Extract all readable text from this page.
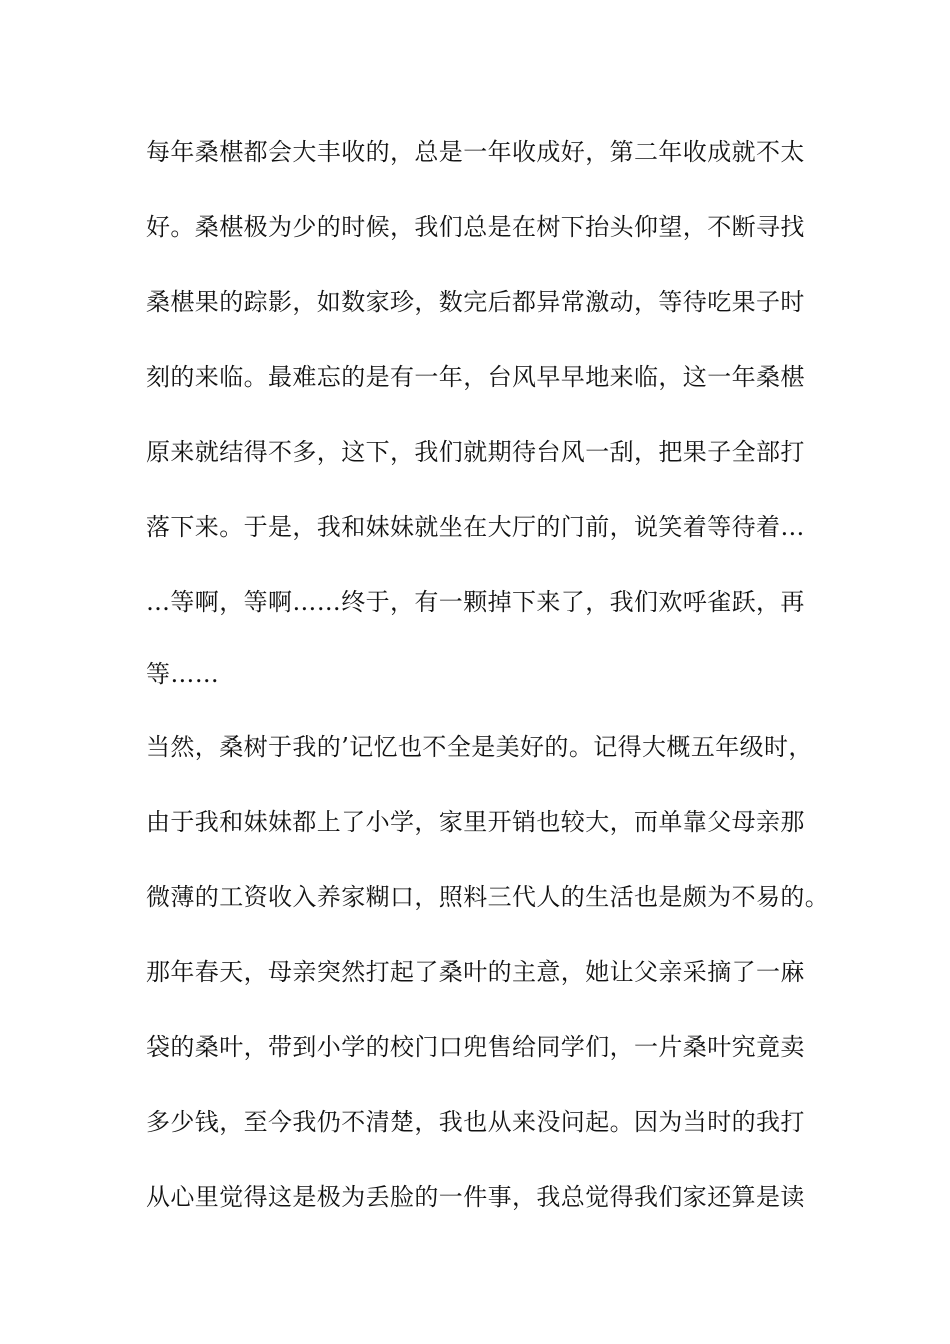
每年桑椹都会大丰收的，总是一年收成好，第二年收成就不太
好。桑椹极为少的时候，我们总是在树下抬头仰望，不断寻找
桑椹果的踪影，如数家珍，数完后都异常激动，等待吃果子时
刻的来临。最难忘的是有一年，台风早早地来临，这一年桑椹
原来就结得不多，这下，我们就期待台风一刮，把果子全部打
落下来。于是，我和妹妹就坐在大厅的门前，说笑着等待着…
…等啊，等啊……终于，有一颗掉下来了，我们欢呼雀跃，再
等……
当然，桑树于我的’记忆也不全是美好的。记得大概五年级时，
由于我和妹妹都上了小学，家里开销也较大，而单靠父母亲那
微薄的工资收入养家糊口，照料三代人的生活也是颇为不易的。
那年春天，母亲突然打起了桑叶的主意，她让父亲采摘了一麻
袋的桑叶，带到小学的校门口兜售给同学们，一片桑叶究竟卖
多少钱，至今我仍不清楚，我也从来没问起。因为当时的我打
从心里觉得这是极为丢脸的一件事，我总觉得我们家还算是读
